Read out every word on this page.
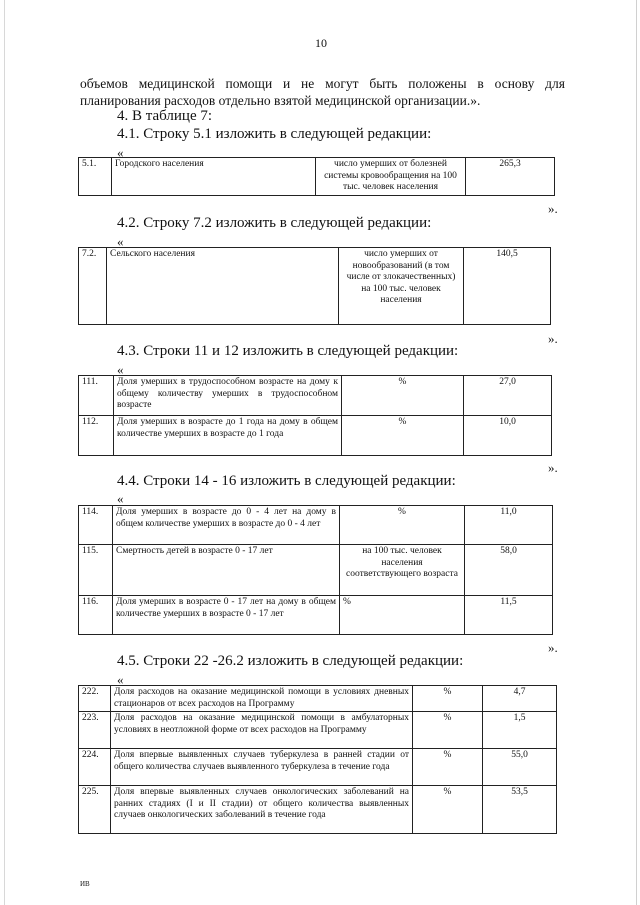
10
объемов медицинской помощи и не могут быть положены в основу для
планирования расходов отдельно взятой медицинской организации.».
4. В таблице 7:
4.1. Строку 5.1 изложить в следующей редакции:
«
5.1.	Городского населения	число умерших от болезней системы кровообращения на 100 тыс. человек населения	265,3
».
4.2. Строку 7.2 изложить в следующей редакции:
«
7.2.	Сельского населения	число умерших от новообразований (в том числе от злокачественных) на 100 тыс. человек населения	140,5
».
4.3. Строки 11 и 12 изложить в следующей редакции:
«
111.	Доля умерших в трудоспособном возрасте на дому к общему количеству умерших в трудоспособном возрасте	%	27,0
112.	Доля умерших в возрасте до 1 года на дому в общем количестве умерших в возрасте до 1 года	%	10,0
».
4.4. Строки 14 - 16 изложить в следующей редакции:
«
114.	Доля умерших в возрасте до 0 - 4 лет на дому в общем количестве умерших в возрасте до 0 - 4 лет	%	11,0
115.	Смертность детей в возрасте 0 - 17 лет	на 100 тыс. человек населения соответствующего возраста	58,0
116.	Доля умерших в возрасте 0 - 17 лет на дому в общем количестве умерших в возрасте 0 - 17 лет	%	11,5
».
4.5. Строки 22 -26.2 изложить в следующей редакции:
«
222.	Доля расходов на оказание медицинской помощи в условиях дневных стационаров от всех расходов на Программу	%	4,7
223.	Доля расходов на оказание медицинской помощи в амбулаторных условиях в неотложной форме от всех расходов на Программу	%	1,5
224.	Доля впервые выявленных случаев туберкулеза в ранней стадии от общего количества случаев выявленного туберкулеза в течение года	%	55,0
225.	Доля впервые выявленных случаев онкологических заболеваний на ранних стадиях (I и II стадии) от общего количества выявленных случаев онкологических заболеваний в течение года	%	53,5
ИВ
